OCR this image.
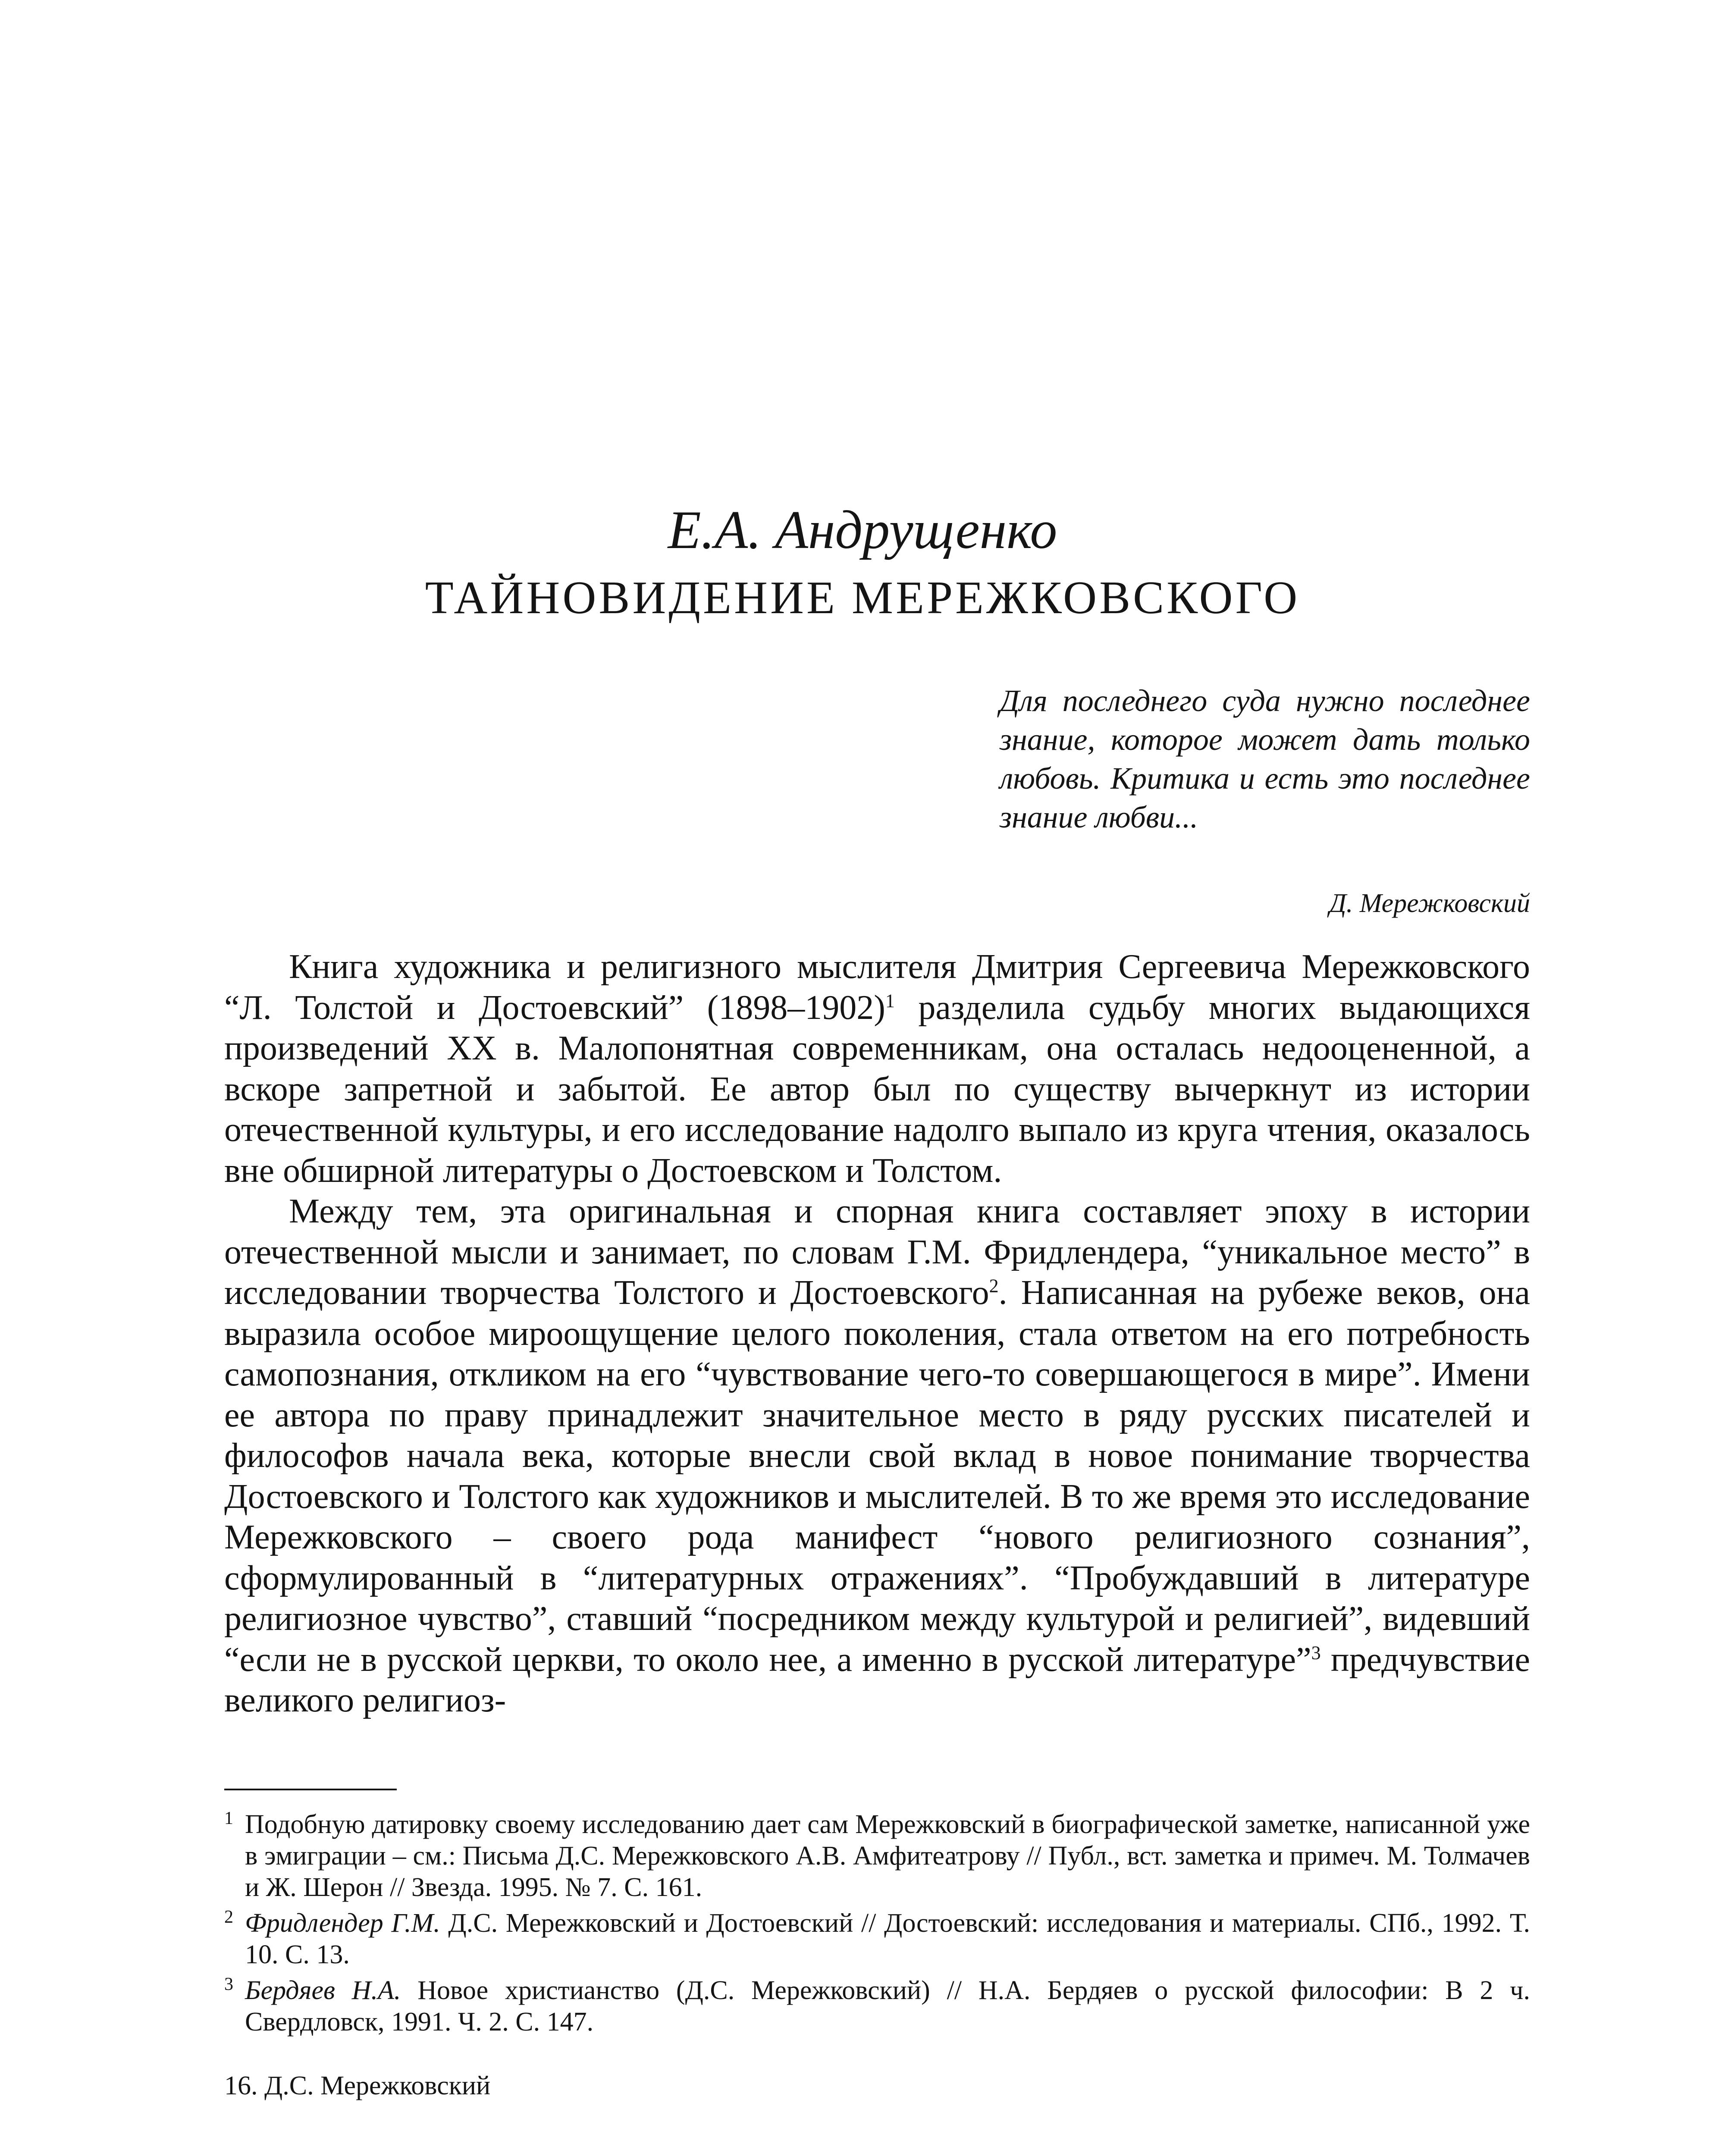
Е.А. Андрущенко
ТАЙНОВИДЕНИЕ МЕРЕЖКОВСКОГО

Для последнего суда нужно последнее знание, которое может дать только любовь. Критика и есть это последнее знание любви...

Д. Мережковский

Книга художника и религизного мыслителя Дмитрия Сергеевича Мережковского “Л. Толстой и Достоевский” (1898–1902)$^1$ разделила судьбу многих выдающихся произведений XX в. Малопонятная современникам, она осталась недооцененной, а вскоре запретной и забытой. Ее автор был по существу вычеркнут из истории отечественной культуры, и его исследование надолго выпало из круга чтения, оказалось вне обширной литературы о Достоевском и Толстом.

Между тем, эта оригинальная и спорная книга составляет эпоху в истории отечественной мысли и занимает, по словам Г.М. Фридлендера, “уникальное место” в исследовании творчества Толстого и Достоевского$^2$. Написанная на рубеже веков, она выразила особое мироощущение целого поколения, стала ответом на его потребность самопознания, откликом на его “чувствование чего-то совершающегося в мире”. Имени ее автора по праву принадлежит значительное место в ряду русских писателей и философов начала века, которые внесли свой вклад в новое понимание творчества Достоевского и Толстого как художников и мыслителей. В то же время это исследование Мережковского – своего рода манифест “нового религиозного сознания”, сформулированный в “литературных отражениях”. “Пробуждавший в литературе религиозное чувство”, ставший “посредником между культурой и религией”, видевший “если не в русской церкви, то около нее, а именно в русской литературе”$^3$ предчувствие великого религиоз-

1 Подобную датировку своему исследованию дает сам Мережковский в биографической заметке, написанной уже в эмиграции – см.: Письма Д.С. Мережковского А.В. Амфитеатрову // Публ., вст. заметка и примеч. М. Толмачев и Ж. Шерон // Звезда. 1995. № 7. С. 161.

2 Фридлендер Г.М. Д.С. Мережковский и Достоевский // Достоевский: исследования и материалы. СПб., 1992. Т. 10. С. 13.

3 Бердяев Н.А. Новое христианство (Д.С. Мережковский) // Н.А. Бердяев о русской философии: В 2 ч. Свердловск, 1991. Ч. 2. С. 147.

16. Д.С. Мережковский
